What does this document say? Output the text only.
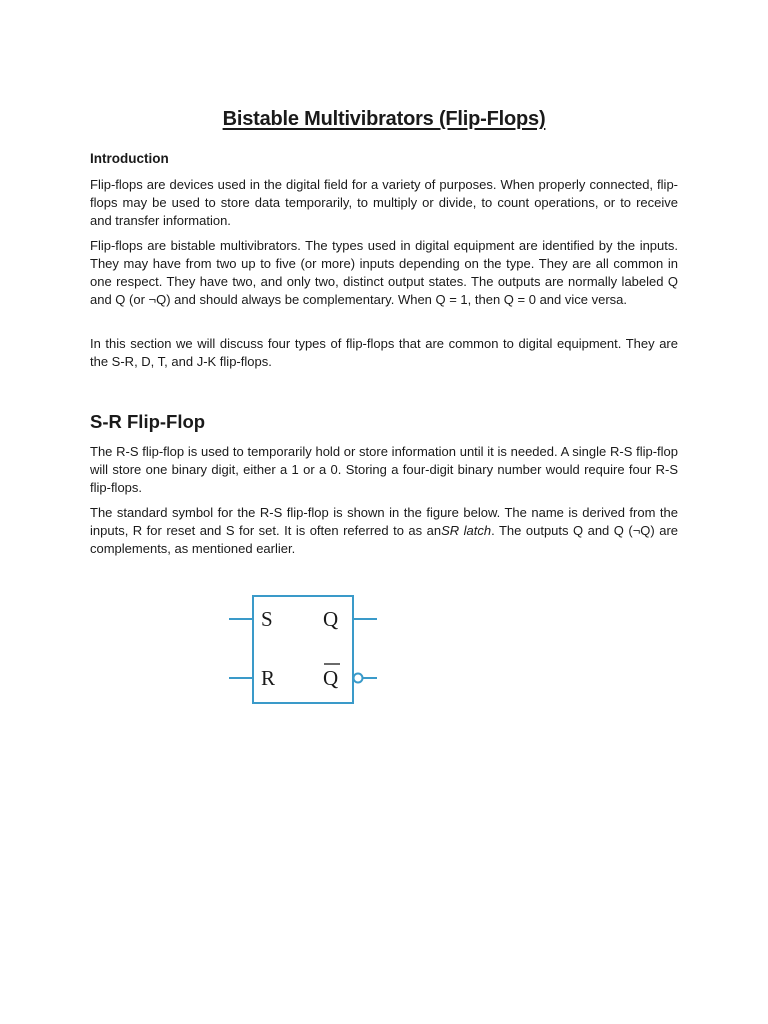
Bistable Multivibrators (Flip-Flops)
Introduction

Flip-flops are devices used in the digital field for a variety of purposes. When properly connected, flip-flops may be used to store data temporarily, to multiply or divide, to count operations, or to receive and transfer information.

Flip-flops are bistable multivibrators. The types used in digital equipment are identified by the inputs. They may have from two up to five (or more) inputs depending on the type. They are all common in one respect. They have two, and only two, distinct output states. The outputs are normally labeled Q and Q (or ¬Q) and should always be complementary. When Q = 1, then Q = 0 and vice versa.

In this section we will discuss four types of flip-flops that are common to digital equipment. They are the S-R, D, T, and J-K flip-flops.

S-R Flip-Flop

The R-S flip-flop is used to temporarily hold or store information until it is needed. A single R-S flip-flop will store one binary digit, either a 1 or a 0. Storing a four-digit binary number would require four R-S flip-flops.

The standard symbol for the R-S flip-flop is shown in the figure below. The name is derived from the inputs, R for reset and S for set. It is often referred to as anSR latch. The outputs Q and Q (¬Q) are complements, as mentioned earlier.

S
R
Q
Q
